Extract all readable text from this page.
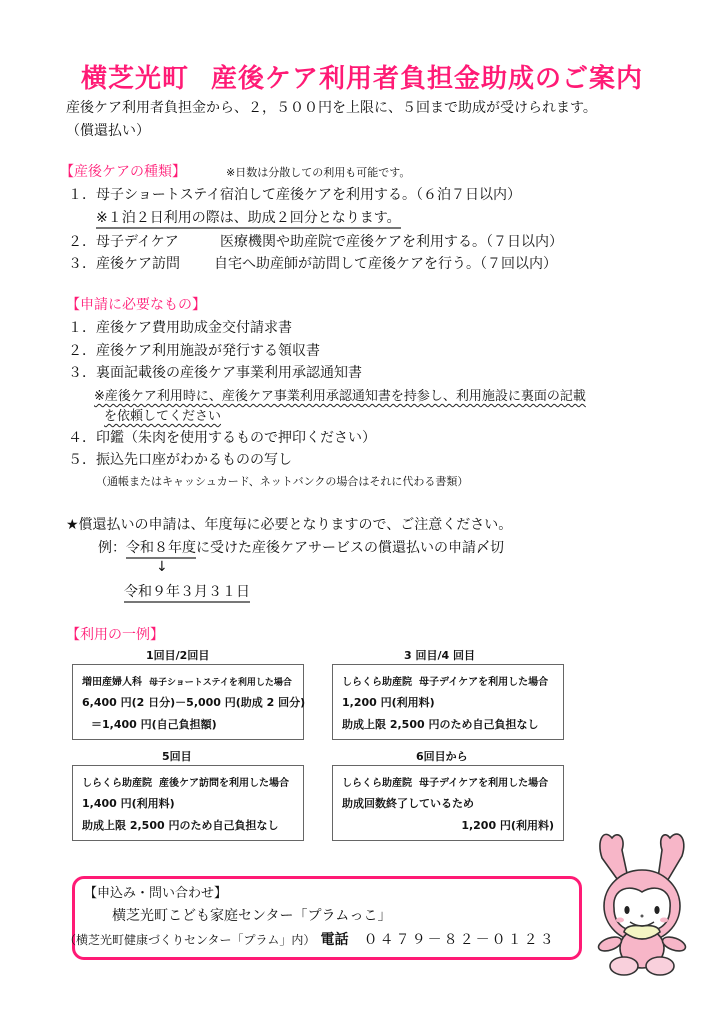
横芝光町 産後ケア利用者負担金助成のご案内
産後ケア利用者負担金から、２，５００円を上限に、５回まで助成が受けられます。
（償還払い）
【産後ケアの種類】	※日数は分散しての利用も可能です。
１．母子ショートステイ宿泊して産後ケアを利用する。（６泊７日以内）
※１泊２日利用の際は、助成２回分となります。
２．母子デイケア	医療機関や助産院で産後ケアを利用する。（７日以内）
３．産後ケア訪問 自宅へ助産師が訪問して産後ケアを行う。（７回以内）
【申請に必要なもの】
１．産後ケア費用助成金交付請求書
２．産後ケア利用施設が発行する領収書
３．裏面記載後の産後ケア事業利用承認通知書
※産後ケア利用時に、産後ケア事業利用承認通知書を持参し、利用施設に裏面の記載
を依頼してください
４．印鑑（朱肉を使用するもので押印ください）
５．振込先口座がわかるものの写し
（通帳またはキャッシュカード、ネットバンクの場合はそれに代わる書類）
★償還払いの申請は、年度毎に必要となりますので、ご注意ください。
例：令和８年度に受けた産後ケアサービスの償還払いの申請〆切
↓
令和９年３月３１日
【利用の一例】
1回目/2回目
増田産婦人科 母子ショートステイを利用した場合
6,400 円(2 日分)－5,000 円(助成 2 回分)
＝1,400 円(自己負担額)
3 回目/4 回目
しらくら助産院 母子デイケアを利用した場合
1,200 円(利用料)
助成上限 2,500 円のため自己負担なし
5回目
しらくら助産院 産後ケア訪問を利用した場合
1,400 円(利用料)
助成上限 2,500 円のため自己負担なし
6回目から
しらくら助産院 母子デイケアを利用した場合
助成回数終了しているため
1,200 円(利用料)
【申込み・問い合わせ】
横芝光町こども家庭センター「プラムっこ」
（横芝光町健康づくりセンター「プラム」内） 電話 ０４７９－８２－０１２３
